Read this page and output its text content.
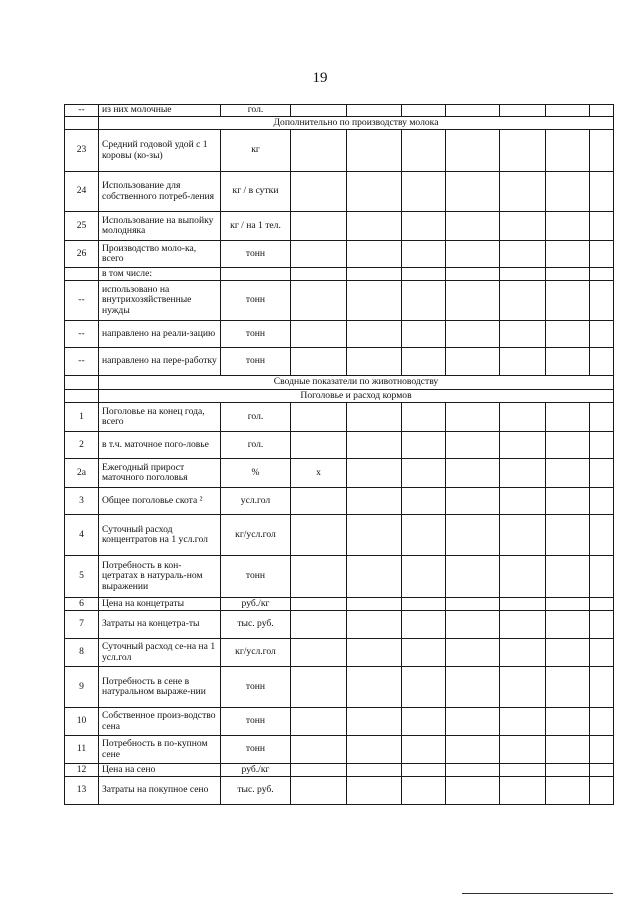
19
--	из них молочные	гол.							
	Дополнительно по производству молока								
23	Средний годовой удой с 1 коровы (ко-зы)	кг							
24	Использование для собственного потреб-ления	кг / в сутки							
25	Использование на выпойку молодняка	кг / на 1 тел.							
26	Производство моло-ка, всего	тонн							
	в том числе:								
--	использовано на внутрихозяйственные нужды	тонн							
--	направлено на реали-зацию	тонн							
--	направлено на пере-работку	тонн							
	Сводные показатели по животноводству								
	Поголовье и расход кормов								
1	Поголовье на конец года, всего	гол.							
2	в т.ч. маточное пого-ловье	гол.							
2а	Ежегодный прирост маточного поголовья	%	х						
3	Общее поголовье скота ²	усл.гол							
4	Суточный расход концентратов на 1 усл.гол	кг/усл.гол							
5	Потребность в кон-цетратах в натураль-ном выражении	тонн							
6	Цена на концетраты	руб./кг							
7	Затраты на концетра-ты	тыс. руб.							
8	Суточный расход се-на на 1 усл.гол	кг/усл.гол							
9	Потребность в сене в натуральном выраже-нии	тонн							
10	Собственное произ-водство сена	тонн							
11	Потребность в по-купном сене	тонн							
12	Цена на сено	руб./кг							
13	Затраты на покупное сено	тыс. руб.							
